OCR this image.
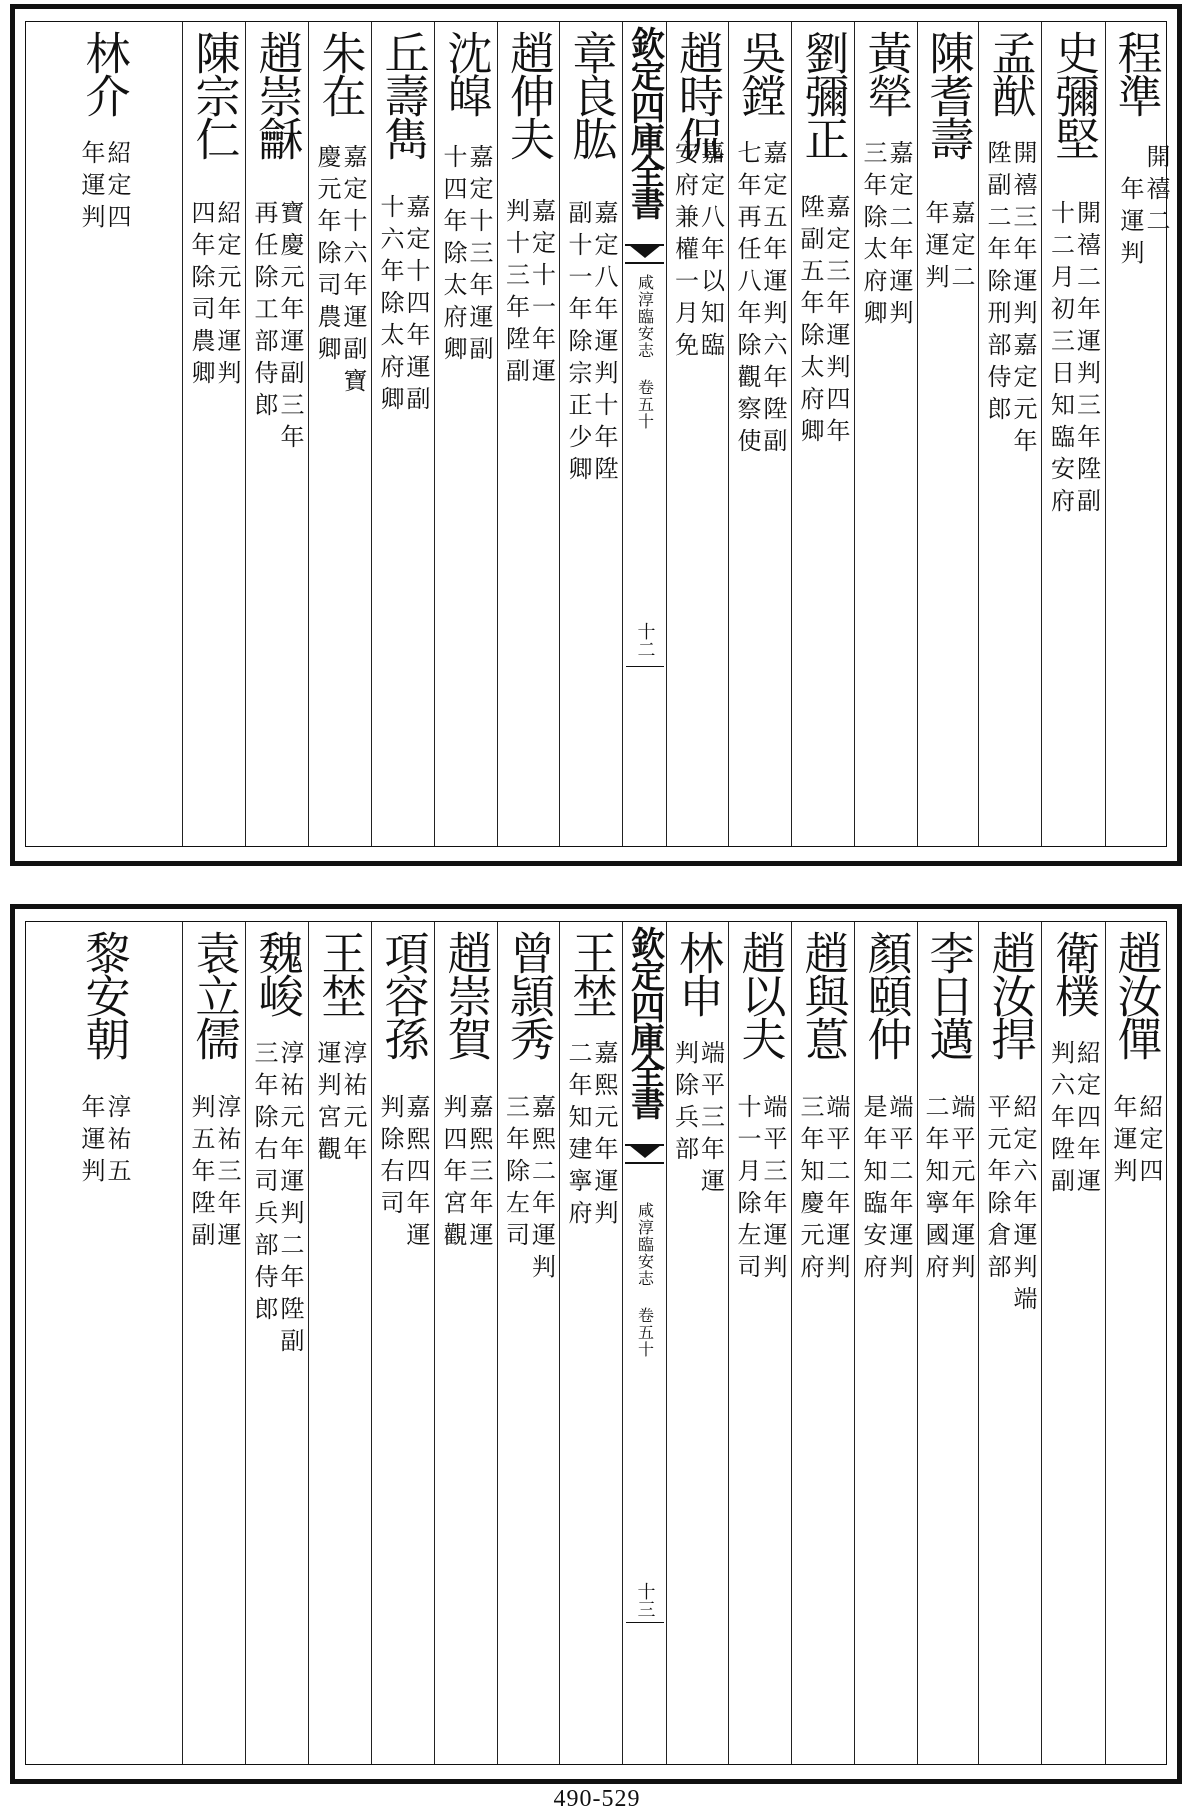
開禧二
年運判
程準
史彌堅
開禧二年運判三年陞副
十二月初三日知臨安府
孟猷
開禧三年運判嘉定元年
陞副二年除刑部侍郎
陳耆壽
嘉定二
年運判
黃犖
嘉定二年運判
三年除太府卿
劉彌正
嘉定三年運判四年
陞副五年除太府卿
吳鏜
嘉定五年運判六年陞副
七年再任八年除觀察使
趙時侃
嘉定八年以知臨
安府兼權一月免
欽定四庫全書
咸淳臨安志 卷五十
十二
章良肱
嘉定八年運判十年陞
副十一年除宗正少卿
趙伸夫
嘉定十一年運
判十三年陞副
沈皡
嘉定十三年運副
十四年除太府卿
丘壽雋
嘉定十四年運副
十六年除太府卿
朱在
嘉定十六年運副寶
慶元年除司農卿
趙崇龢
寶慶元年運副三年
再任除工部侍郎
陳宗仁
紹定元年運判
四年除司農卿
林介
紹定四
年運判
趙汝僤
紹定四
年運判
衛樸
紹定四年運
判六年陞副
趙汝捍
紹定六年運判端
平元年除倉部
李日邁
端平元年運判
二年知寧國府
顏頤仲
端平二年運判
是年知臨安府
趙與蒠
端平二年運判
三年知慶元府
趙以夫
端平三年運判
十一月除左司
林申
端平三年運
判除兵部
欽定四庫全書
咸淳臨安志 卷五十
十三
王埜
嘉熙元年運判
二年知建寧府
曾頴秀
嘉熙二年運判
三年除左司
趙崇賀
嘉熙三年運
判四年宮觀
項容孫
嘉熙四年運
判除右司
王埜
淳祐元年
運判宮觀
魏峻
淳祐元年運判二年陞副
三年除右司兵部侍郎
袁立儒
淳祐三年運
判五年陞副
黎安朝
淳祐五
年運判
490-529
